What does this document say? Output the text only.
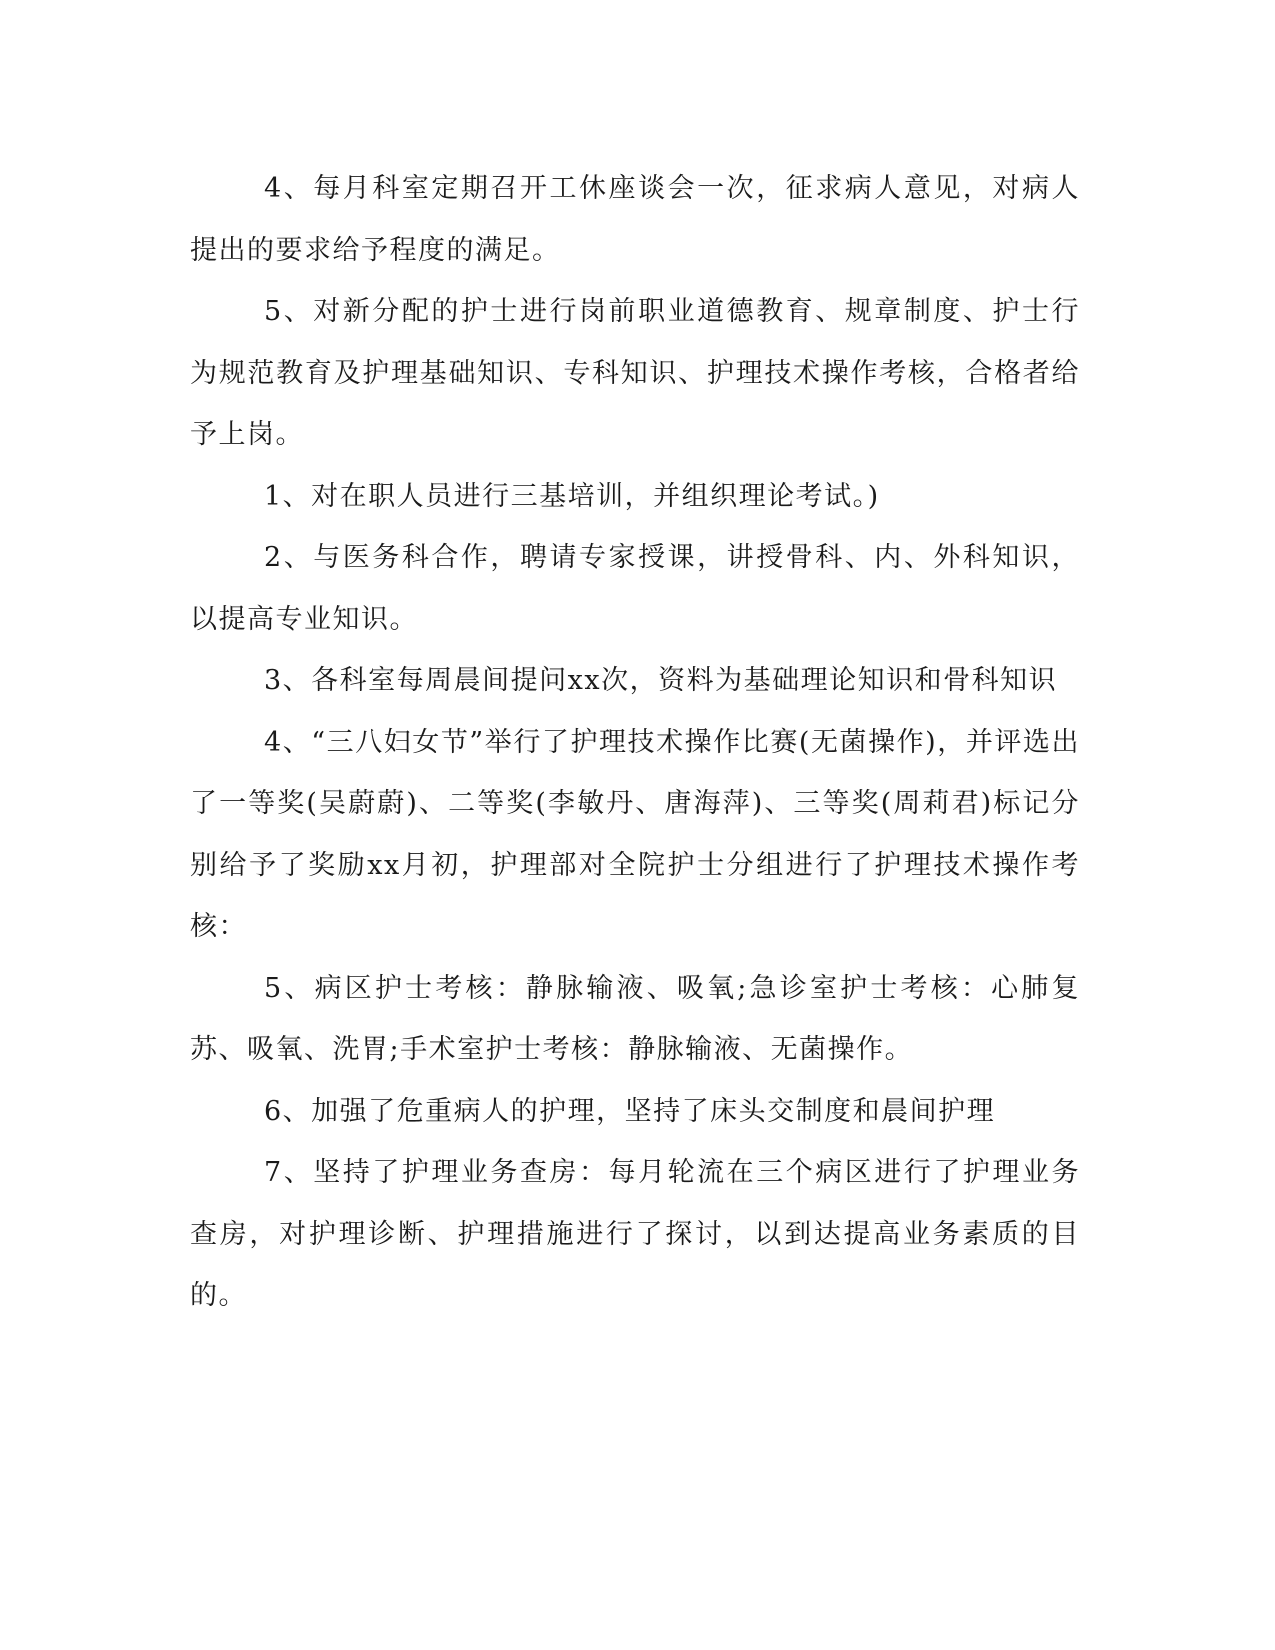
4、每月科室定期召开工休座谈会一次，征求病人意见，对病人提出的要求给予程度的满足。

5、对新分配的护士进行岗前职业道德教育、规章制度、护士行为规范教育及护理基础知识、专科知识、护理技术操作考核，合格者给予上岗。

1、对在职人员进行三基培训，并组织理论考试。)

2、与医务科合作，聘请专家授课，讲授骨科、内、外科知识，以提高专业知识。

3、各科室每周晨间提问xx次，资料为基础理论知识和骨科知识

4、“三八妇女节”举行了护理技术操作比赛(无菌操作)，并评选出了一等奖(吴蔚蔚)、二等奖(李敏丹、唐海萍)、三等奖(周莉君)标记分别给予了奖励xx月初，护理部对全院护士分组进行了护理技术操作考核：

5、病区护士考核：静脉输液、吸氧;急诊室护士考核：心肺复苏、吸氧、洗胃;手术室护士考核：静脉输液、无菌操作。

6、加强了危重病人的护理，坚持了床头交制度和晨间护理

7、坚持了护理业务查房：每月轮流在三个病区进行了护理业务查房，对护理诊断、护理措施进行了探讨，以到达提高业务素质的目的。
